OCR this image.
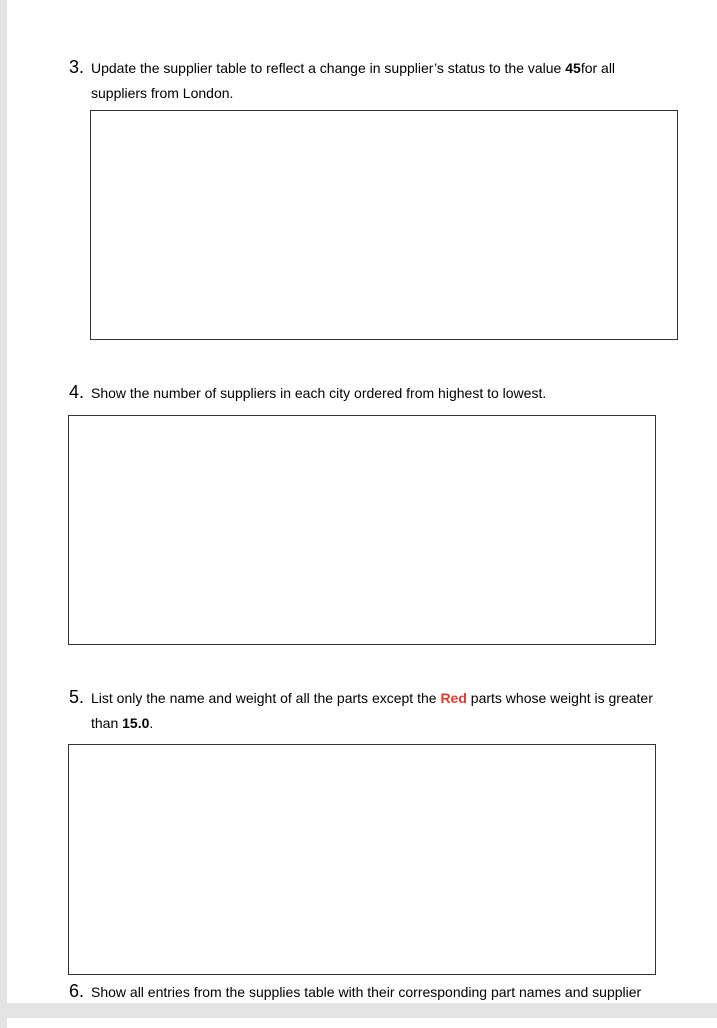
3. Update the supplier table to reflect a change in supplier’s status to the value 45for all
suppliers from London.
4. Show the number of suppliers in each city ordered from highest to lowest.
5. List only the name and weight of all the parts except the Red parts whose weight is greater
than 15.0.
6. Show all entries from the supplies table with their corresponding part names and supplier
